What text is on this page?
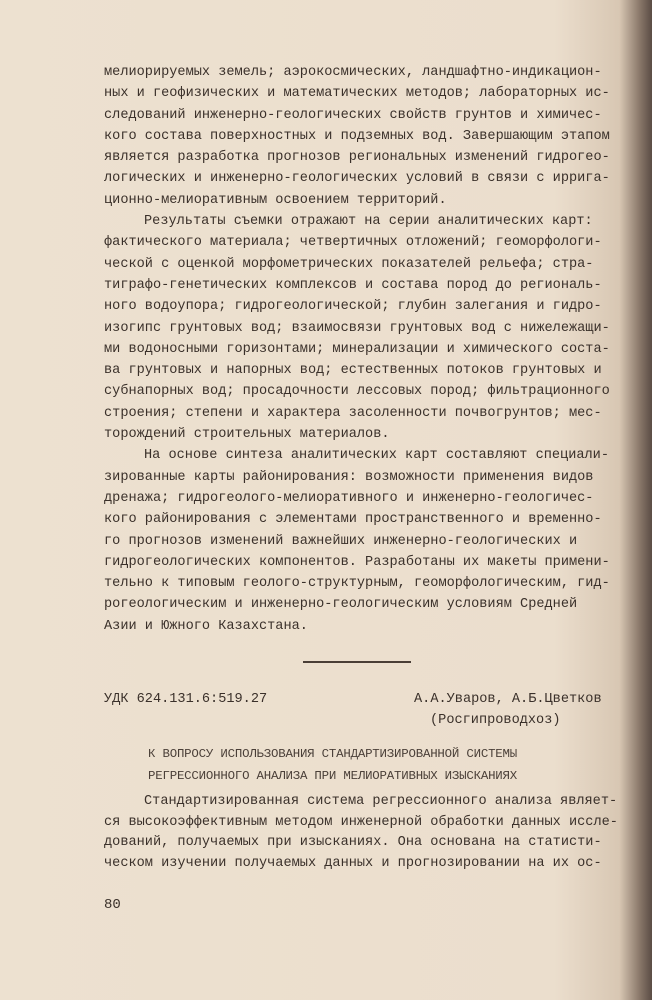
мелиорируемых земель; аэрокосмических, ландшафтно-индикацион-
ных и геофизических и математических методов; лабораторных ис-
следований инженерно-геологических свойств грунтов и химичес-
кого состава поверхностных и подземных вод. Завершающим этапом
является разработка прогнозов региональных изменений гидрогео-
логических и инженерно-геологических условий в связи с ирригa-
ционно-мелиоративным освоением территорий.
Результаты съемки отражают на серии аналитических карт:
фактического материала; четвертичных отложений; геоморфологи-
ческой с оценкой морфометрических показателей рельефа; стра-
тиграфо-генетических комплексов и состава пород до региональ-
ного водоупора; гидрогеологической; глубин залегания и гидро-
изогипс грунтовых вод; взаимосвязи грунтовых вод с нижележащи-
ми водоносными горизонтами; минерализации и химического соста-
ва грунтовых и напорных вод; естественных потоков грунтовых и
субнапорных вод; просадочности лессовых пород; фильтрационного
строения; степени и характера засоленности почвогрунтов; мес-
торождений строительных материалов.
На основе синтеза аналитических карт составляют специали-
зированные карты районирования: возможности применения видов
дренажа; гидрогеолого-мелиоративного и инженерно-геологичес-
кого районирования с элементами пространственного и временно-
го прогнозов изменений важнейших инженерно-геологических и
гидрогеологических компонентов. Разработаны их макеты примени-
тельно к типовым геолого-структурным, геоморфологическим, гид-
рогеологическим и инженерно-геологическим условиям Средней
Азии и Южного Казахстана.
УДК 624.131.6:519.27	А.А.Уваров, А.Б.Цветков
(Росгипроводхоз)
К ВОПРОСУ ИСПОЛЬЗОВАНИЯ СТАНДАРТИЗИРОВАННОЙ СИСТЕМЫ
РЕГРЕССИОННОГО АНАЛИЗА ПРИ МЕЛИОРАТИВНЫХ ИЗЫСКАНИЯХ
Стандартизированная система регрессионного анализа являет-
ся высокоэффективным методом инженерной обработки данных иссле-
дований, получаемых при изысканиях. Она основана на статисти-
ческом изучении получаемых данных и прогнозировании на их ос-
80
